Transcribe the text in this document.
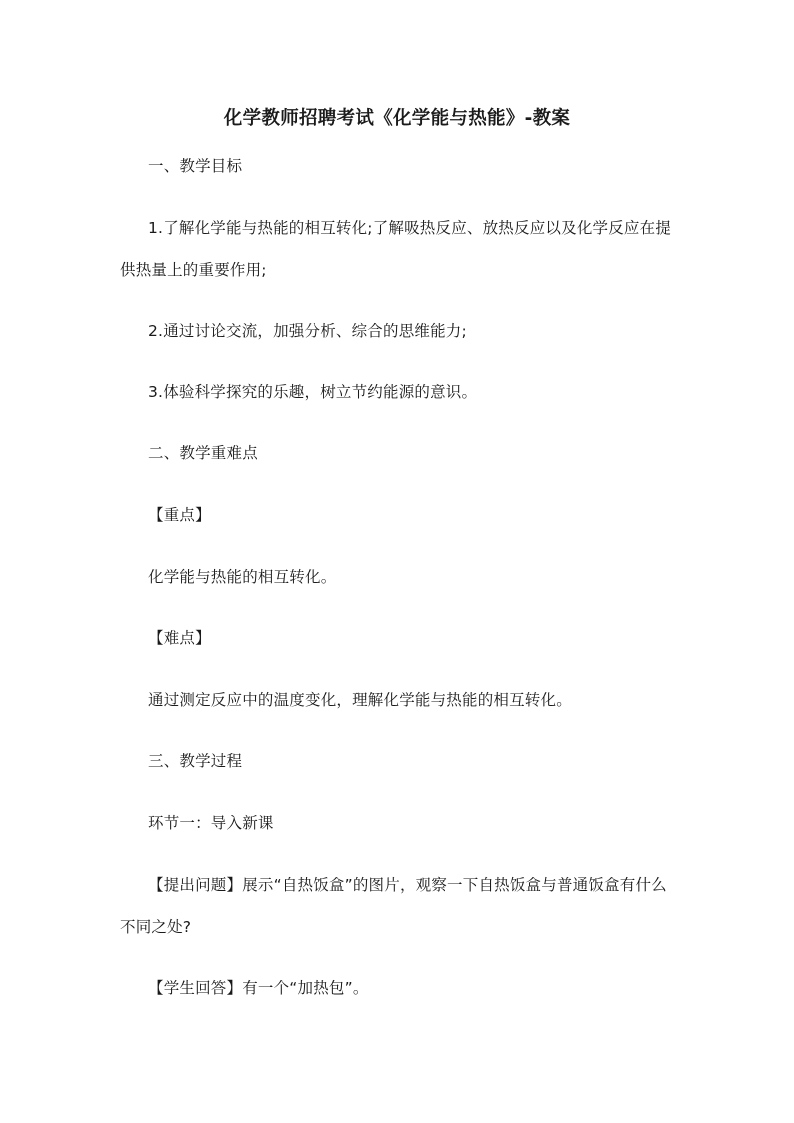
化学教师招聘考试《化学能与热能》-教案
一、教学目标
1.了解化学能与热能的相互转化;了解吸热反应、放热反应以及化学反应在提供热量上的重要作用;
2.通过讨论交流，加强分析、综合的思维能力;
3.体验科学探究的乐趣，树立节约能源的意识。
二、教学重难点
【重点】
化学能与热能的相互转化。
【难点】
通过测定反应中的温度变化，理解化学能与热能的相互转化。
三、教学过程
环节一：导入新课
【提出问题】展示“自热饭盒”的图片，观察一下自热饭盒与普通饭盒有什么不同之处?
【学生回答】有一个“加热包”。
